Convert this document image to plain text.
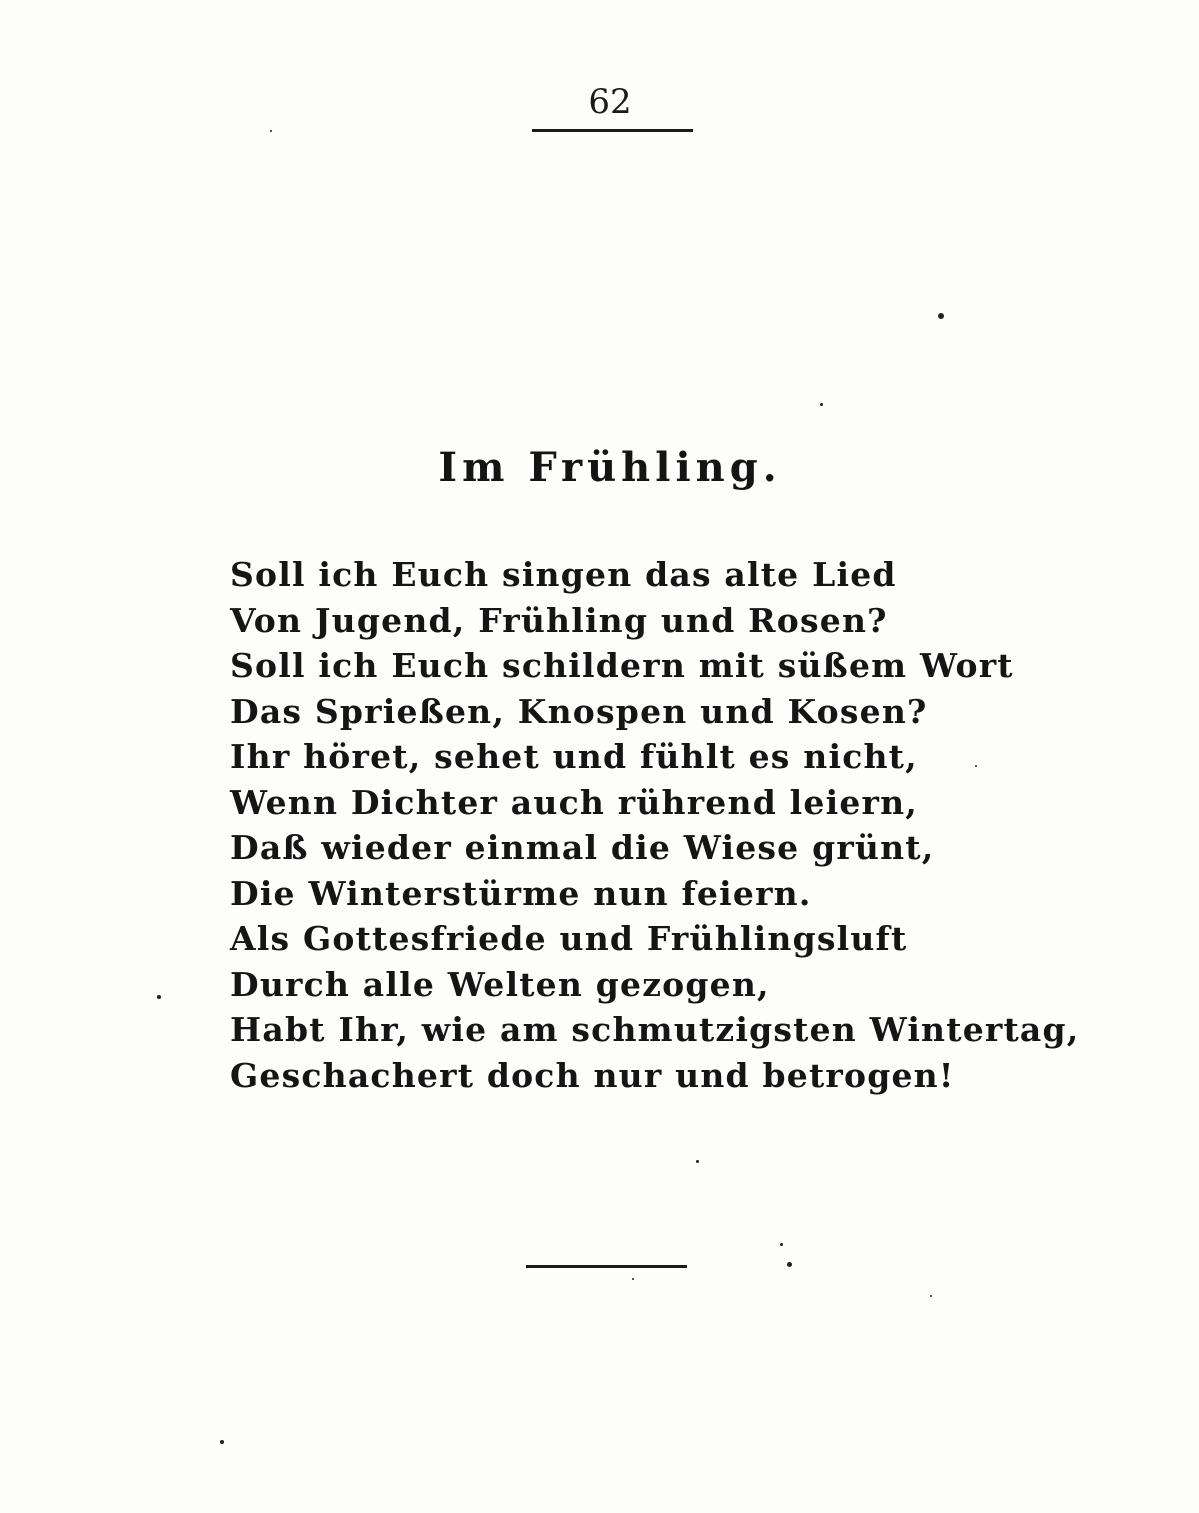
62
Im Frühling.
Soll ich Euch singen das alte Lied
Von Jugend, Frühling und Rosen?
Soll ich Euch schildern mit süßem Wort
Das Sprießen, Knospen und Kosen?
Ihr höret, sehet und fühlt es nicht,
Wenn Dichter auch rührend leiern,
Daß wieder einmal die Wiese grünt,
Die Winterstürme nun feiern.
Als Gottesfriede und Frühlingsluft
Durch alle Welten gezogen,
Habt Ihr, wie am schmutzigsten Wintertag,
Geschachert doch nur und betrogen!
